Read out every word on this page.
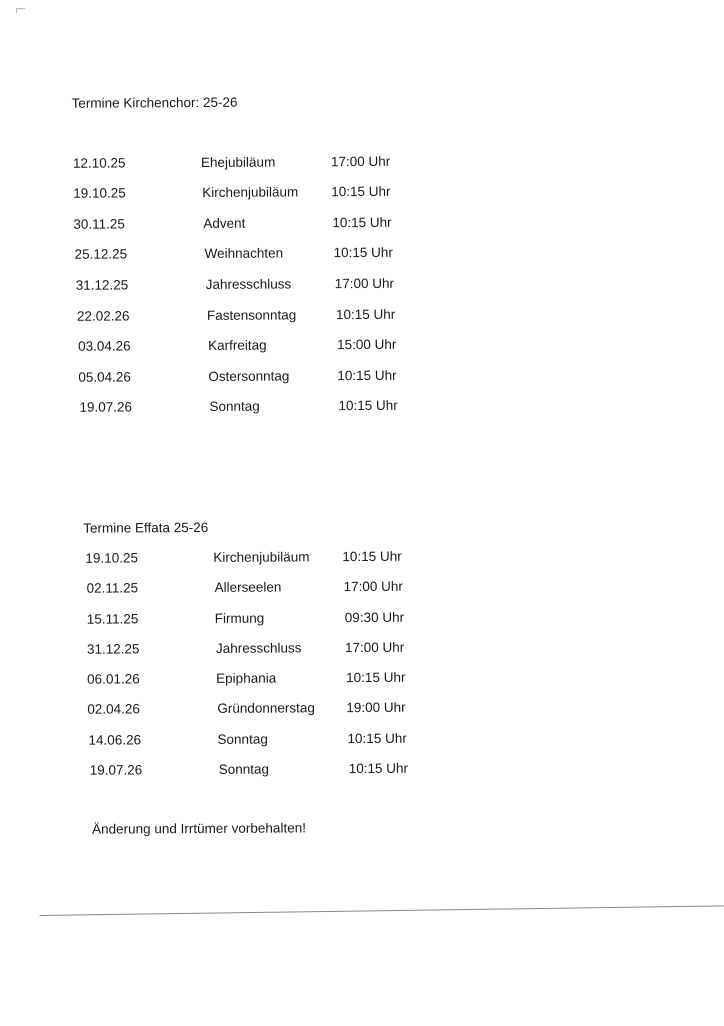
Termine Kirchenchor: 25-26
12.10.25	Ehejubiläum	17:00 Uhr
19.10.25	Kirchenjubiläum 10:15 Uhr
30.11.25	Advent	10:15 Uhr
25.12.25	Weihnachten	10:15 Uhr
31.12.25	Jahresschluss	17:00 Uhr
22.02.26	Fastensonntag	10:15 Uhr
03.04.26	Karfreitag	15:00 Uhr
05.04.26	Ostersonntag	10:15 Uhr
19.07.26	Sonntag	10:15 Uhr
Termine Effata 25-26
19.10.25	Kirchenjubiläum 10:15 Uhr
02.11.25	Allerseelen	17:00 Uhr
15.11.25	Firmung	09:30 Uhr
31.12.25	Jahresschluss	17:00 Uhr
06.01.26	Epiphania	10:15 Uhr
02.04.26	Gründonnerstag 19:00 Uhr
14.06.26	Sonntag	10:15 Uhr
19.07.26	Sonntag	10:15 Uhr
Änderung und Irrtümer vorbehalten!
